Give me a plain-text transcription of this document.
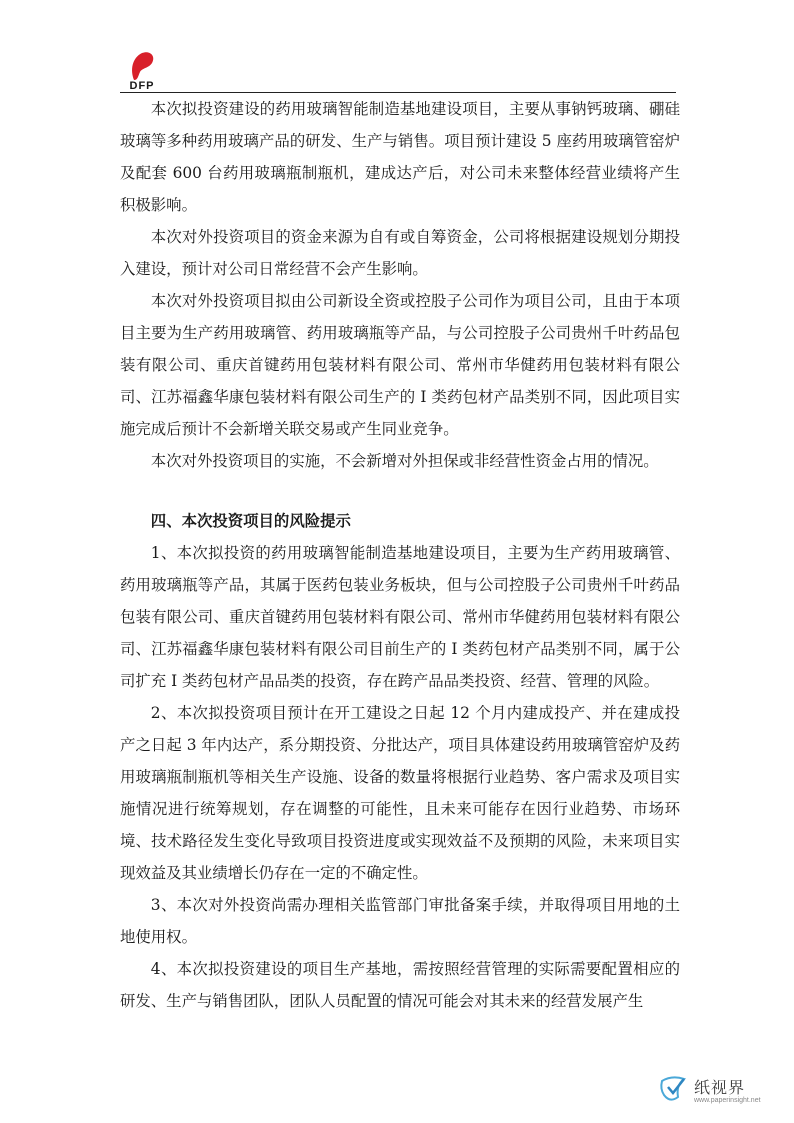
DFP

本次拟投资建设的药用玻璃智能制造基地建设项目，主要从事钠钙玻璃、硼硅玻璃等多种药用玻璃产品的研发、生产与销售。项目预计建设 5 座药用玻璃管窑炉及配套 600 台药用玻璃瓶制瓶机，建成达产后，对公司未来整体经营业绩将产生积极影响。

本次对外投资项目的资金来源为自有或自筹资金，公司将根据建设规划分期投入建设，预计对公司日常经营不会产生影响。

本次对外投资项目拟由公司新设全资或控股子公司作为项目公司，且由于本项目主要为生产药用玻璃管、药用玻璃瓶等产品，与公司控股子公司贵州千叶药品包装有限公司、重庆首键药用包装材料有限公司、常州市华健药用包装材料有限公司、江苏福鑫华康包装材料有限公司生产的 I 类药包材产品类别不同，因此项目实施完成后预计不会新增关联交易或产生同业竞争。

本次对外投资项目的实施，不会新增对外担保或非经营性资金占用的情况。

四、本次投资项目的风险提示

1、本次拟投资的药用玻璃智能制造基地建设项目，主要为生产药用玻璃管、药用玻璃瓶等产品，其属于医药包装业务板块，但与公司控股子公司贵州千叶药品包装有限公司、重庆首键药用包装材料有限公司、常州市华健药用包装材料有限公司、江苏福鑫华康包装材料有限公司目前生产的 I 类药包材产品类别不同，属于公司扩充 I 类药包材产品品类的投资，存在跨产品品类投资、经营、管理的风险。

2、本次拟投资项目预计在开工建设之日起 12 个月内建成投产、并在建成投产之日起 3 年内达产，系分期投资、分批达产，项目具体建设药用玻璃管窑炉及药用玻璃瓶制瓶机等相关生产设施、设备的数量将根据行业趋势、客户需求及项目实施情况进行统筹规划，存在调整的可能性，且未来可能存在因行业趋势、市场环境、技术路径发生变化导致项目投资进度或实现效益不及预期的风险，未来项目实现效益及其业绩增长仍存在一定的不确定性。

3、本次对外投资尚需办理相关监管部门审批备案手续，并取得项目用地的土地使用权。

4、本次拟投资建设的项目生产基地，需按照经营管理的实际需要配置相应的研发、生产与销售团队，团队人员配置的情况可能会对其未来的经营发展产生

纸视界
www.paperinsight.net
